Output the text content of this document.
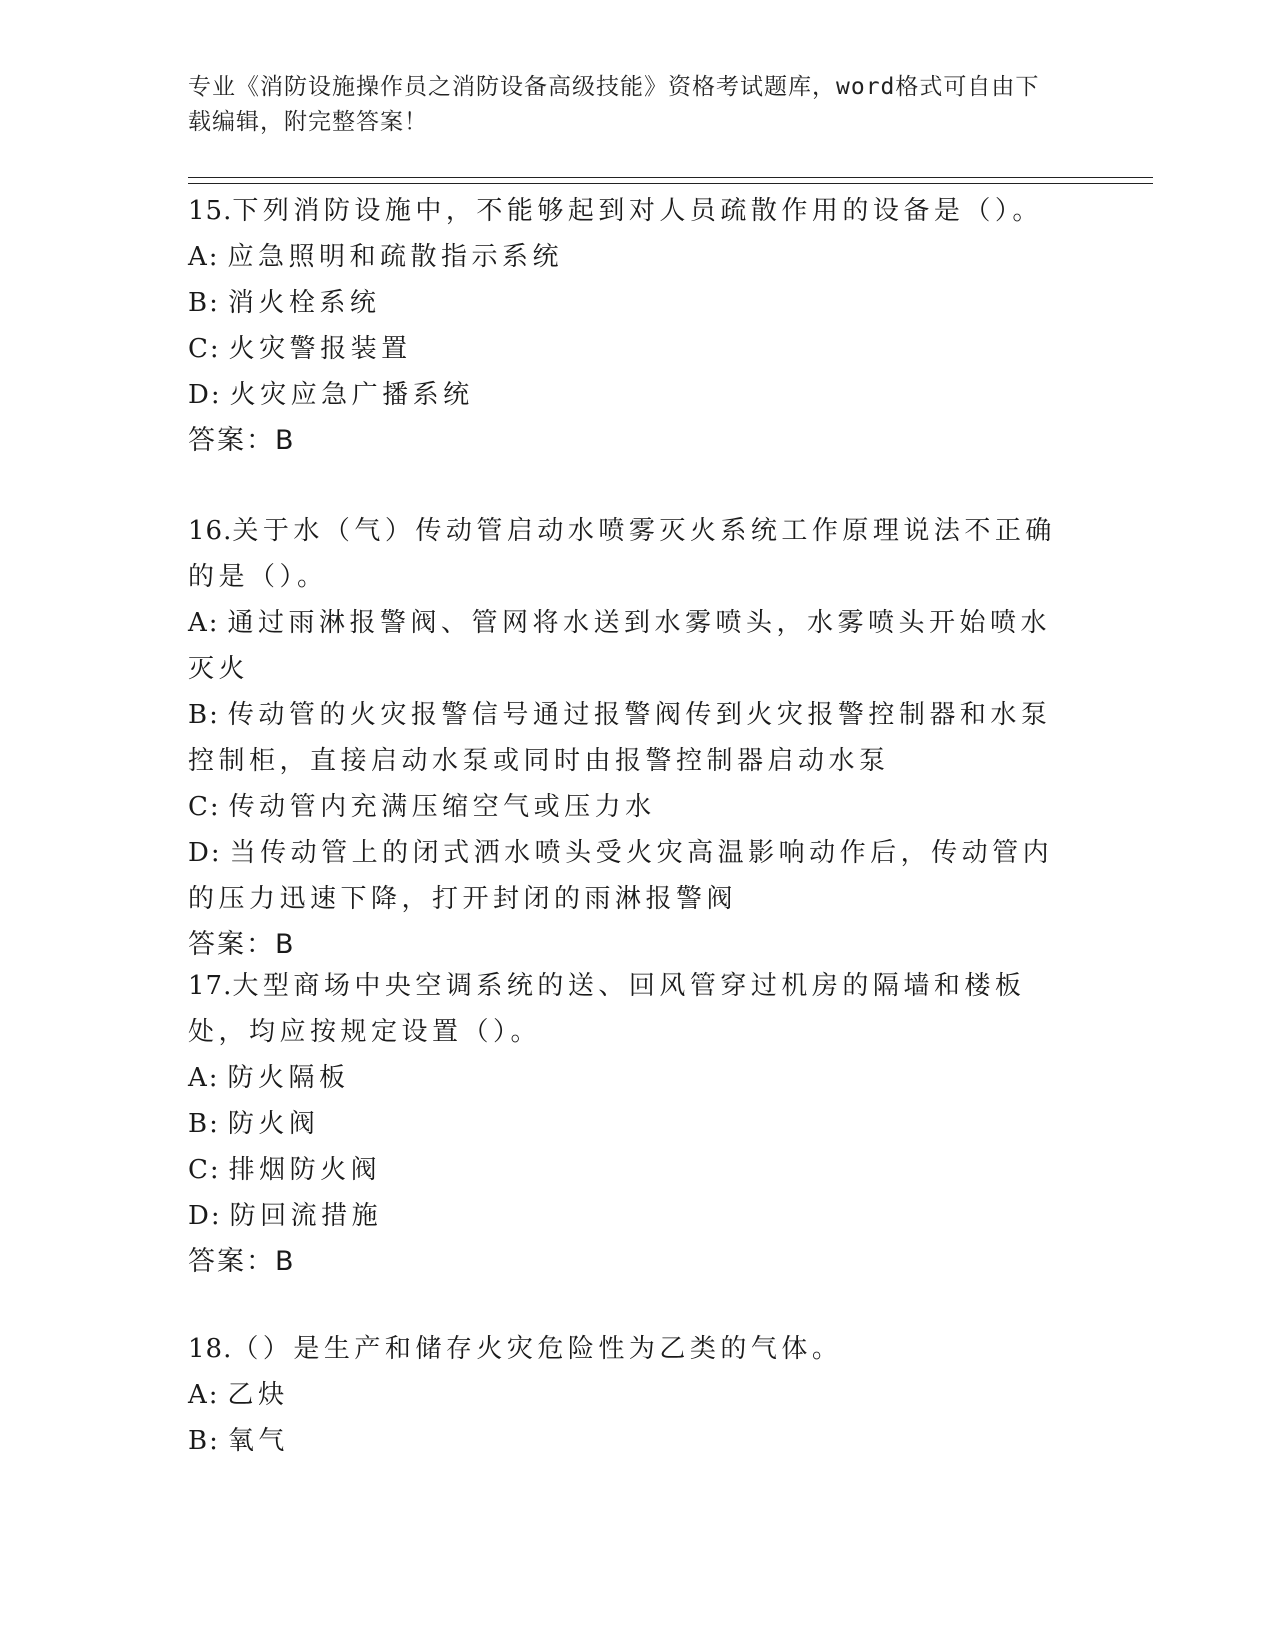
专业《消防设施操作员之消防设备高级技能》资格考试题库，word格式可自由下
载编辑，附完整答案！

15.下列消防设施中，不能够起到对人员疏散作用的设备是（）。

A: 应急照明和疏散指示系统

B: 消火栓系统

C: 火灾警报装置

D: 火灾应急广播系统

答案：B

16.关于水（气）传动管启动水喷雾灭火系统工作原理说法不正确的是（）。

A: 通过雨淋报警阀、管网将水送到水雾喷头，水雾喷头开始喷水灭火

B: 传动管的火灾报警信号通过报警阀传到火灾报警控制器和水泵控制柜，直接启动水泵或同时由报警控制器启动水泵

C: 传动管内充满压缩空气或压力水

D: 当传动管上的闭式洒水喷头受火灾高温影响动作后，传动管内的压力迅速下降，打开封闭的雨淋报警阀

答案：B

17.大型商场中央空调系统的送、回风管穿过机房的隔墙和楼板处，均应按规定设置（）。

A: 防火隔板

B: 防火阀

C: 排烟防火阀

D: 防回流措施

答案：B

18.（）是生产和储存火灾危险性为乙类的气体。

A: 乙炔

B: 氧气
